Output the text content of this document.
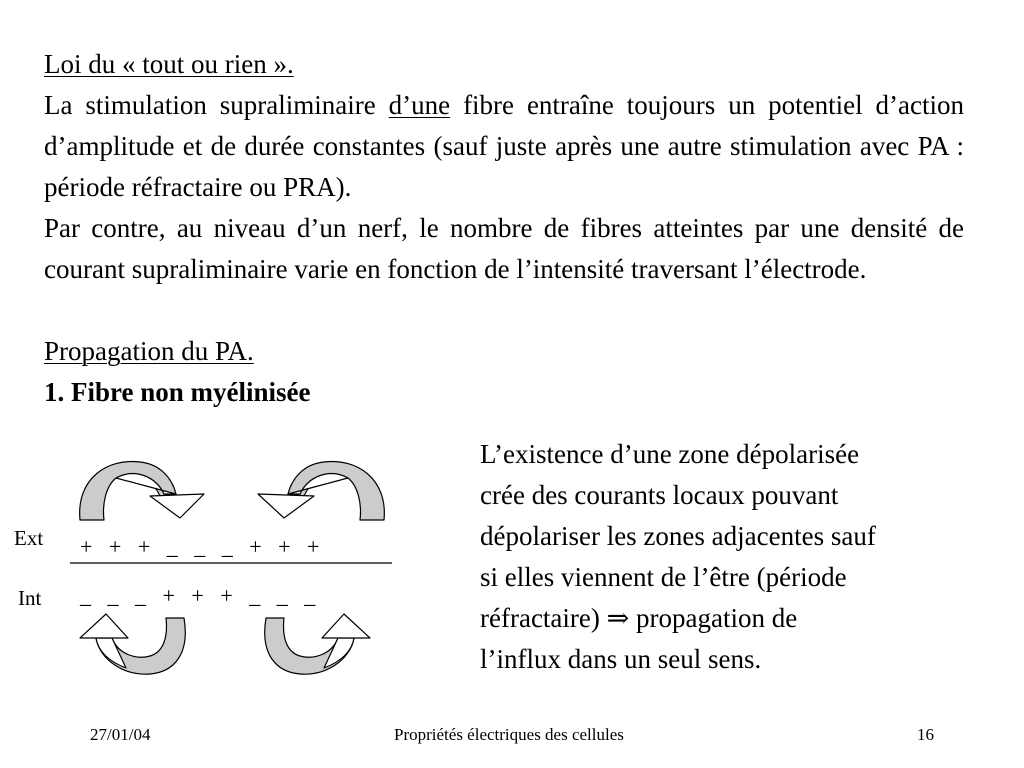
Loi du « tout ou rien ».

La stimulation supraliminaire d’une fibre entraîne toujours un potentiel d’action d’amplitude et de durée constantes (sauf juste après une autre stimulation avec PA : période réfractaire ou PRA).

Par contre, au niveau d’un nerf, le nombre de fibres atteintes par une densité de courant supraliminaire varie en fonction de l’intensité traversant l’électrode.

Propagation du PA.

1. Fibre non myélinisée

Ext
Int
+   +   +   _   _   _   +   +   +
_   _   _   +   +   +   _   _   _

L’existence d’une zone dépolarisée

crée des courants locaux pouvant

dépolariser les zones adjacentes sauf

si elles viennent de l’être (période

réfractaire) ⇒ propagation de

l’influx dans un seul sens.

27/01/04	Propriétés électriques des cellules	16
